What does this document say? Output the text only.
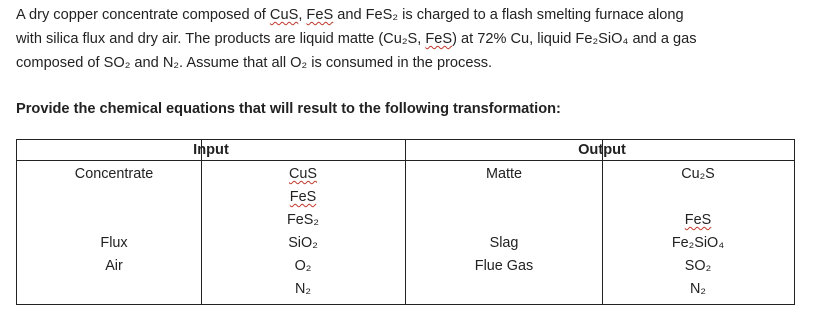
A dry copper concentrate composed of CuS, FeS and FeS₂ is charged to a flash smelting furnace along
with silica flux and dry air. The products are liquid matte (Cu₂S, FeS) at 72% Cu, liquid Fe₂SiO₄ and a gas
composed of SO₂ and N₂. Assume that all O₂ is consumed in the process.
Provide the chemical equations that will result to the following transformation:
Input	Output
Concentrate
Flux
Air
CuS
FeS
FeS₂
SiO₂
O₂
N₂
Matte
Slag
Flue Gas
Cu₂S
FeS
Fe₂SiO₄
SO₂
N₂
